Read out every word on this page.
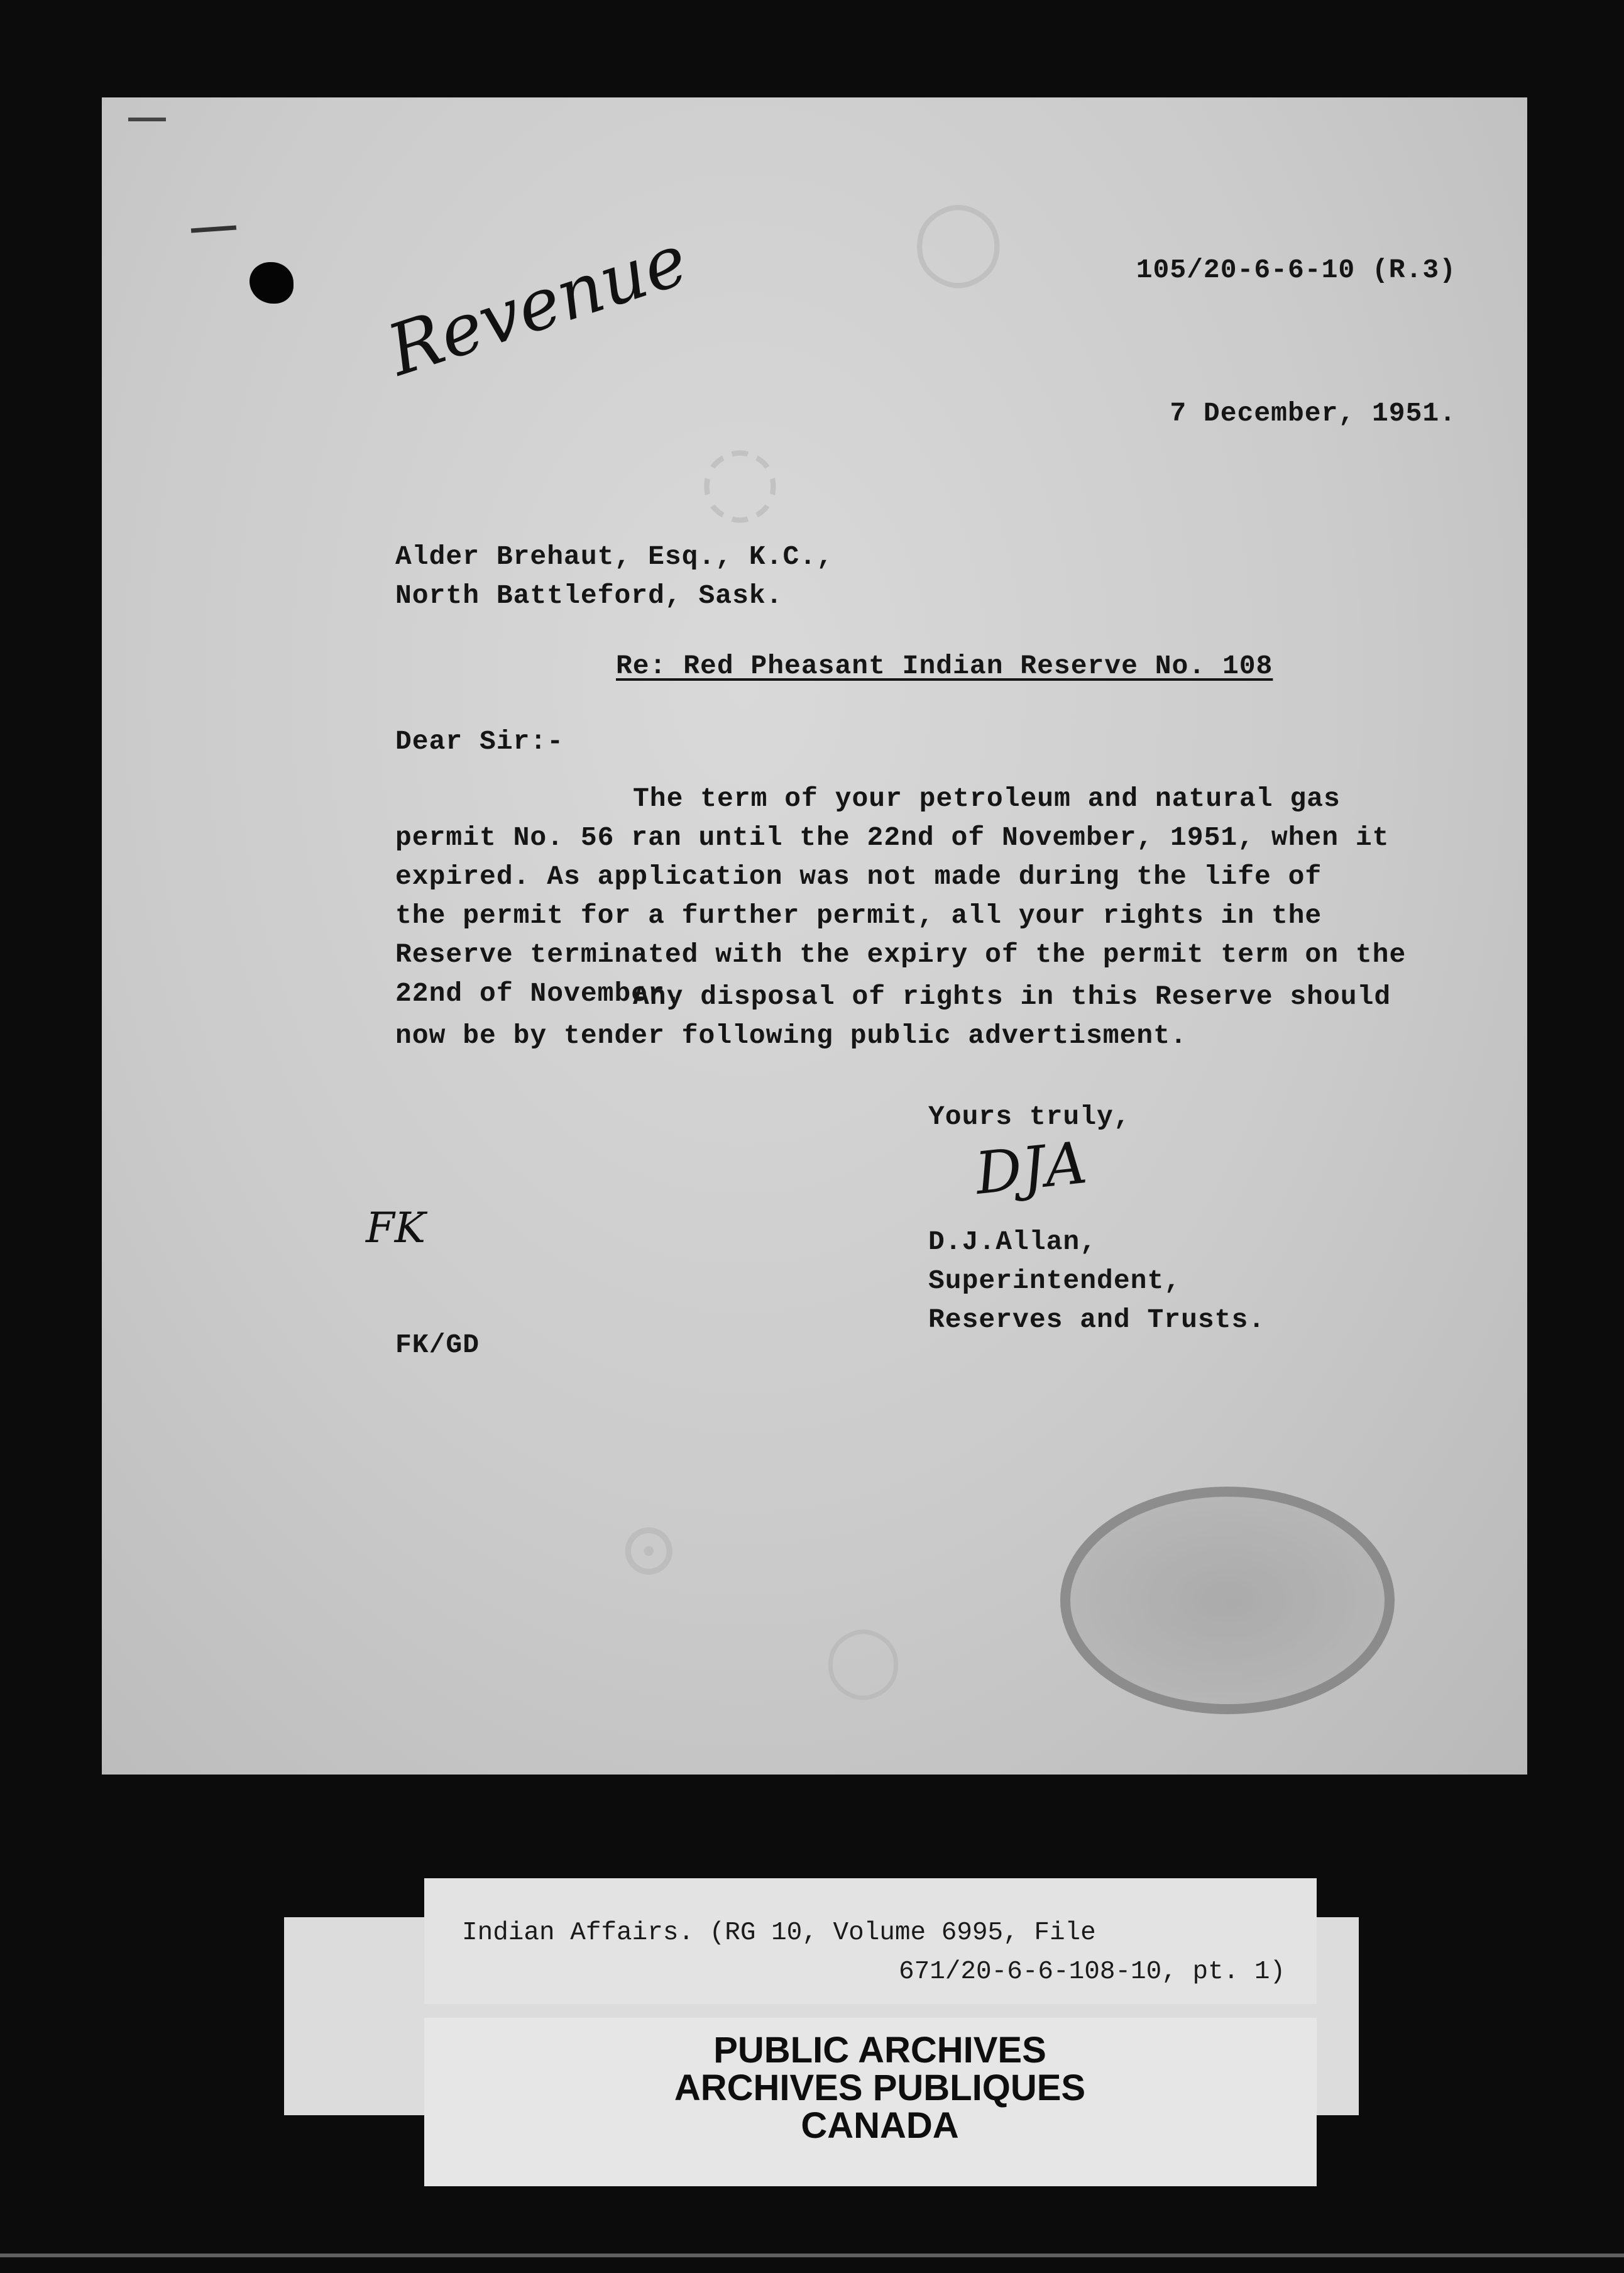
◯
◌
⊙
◯
105/20-6-6-10 (R.3)
Revenue
7 December, 1951.
Alder Brehaut, Esq., K.C.,
North Battleford, Sask.
Re: Red Pheasant Indian Reserve No. 108
Dear Sir:-
The term of your petroleum and natural gas
permit No. 56 ran until the 22nd of November, 1951, when it
expired. As application was not made during the life of
the permit for a further permit, all your rights in the
Reserve terminated with the expiry of the permit term on the
22nd of November.
Any disposal of rights in this Reserve should
now be by tender following public advertisment.
Yours truly,
DJA
FK	D.J.Allan,
Superintendent,
Reserves and Trusts.
FK/GD
Indian Affairs. (RG 10, Volume 6995, File
671/20-6-6-108-10, pt. 1)
PUBLIC ARCHIVES
ARCHIVES PUBLIQUES
CANADA
